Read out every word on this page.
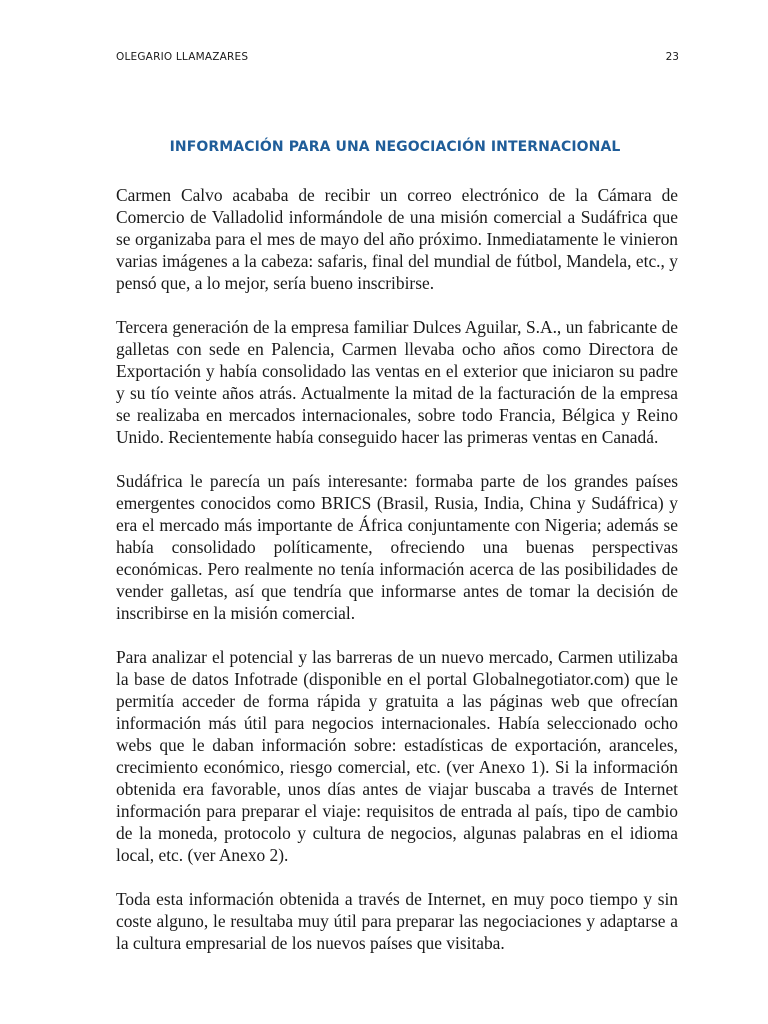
OLEGARIO LLAMAZARES	23
INFORMACIÓN PARA UNA NEGOCIACIÓN INTERNACIONAL

Carmen Calvo acababa de recibir un correo electrónico de la Cámara de Comercio de Valladolid informándole de una misión comercial a Sudáfrica que se organizaba para el mes de mayo del año próximo. Inmediatamente le vinieron varias imágenes a la cabeza: safaris, final del mundial de fútbol, Mandela, etc., y pensó que, a lo mejor, sería bueno inscribirse.

Tercera generación de la empresa familiar Dulces Aguilar, S.A., un fabricante de galletas con sede en Palencia, Carmen llevaba ocho años como Directora de Exportación y había consolidado las ventas en el exterior que iniciaron su padre y su tío veinte años atrás. Actualmente la mitad de la facturación de la empresa se realizaba en mercados internacionales, sobre todo Francia, Bélgica y Reino Unido. Recientemente había conseguido hacer las primeras ventas en Canadá.

Sudáfrica le parecía un país interesante: formaba parte de los grandes países emergentes conocidos como BRICS (Brasil, Rusia, India, China y Sudáfrica) y era el mercado más importante de África conjuntamente con Nigeria; además se había consolidado políticamente, ofreciendo una buenas perspectivas económicas. Pero realmente no tenía información acerca de las posibilidades de vender galletas, así que tendría que informarse antes de tomar la decisión de inscribirse en la misión comercial.

Para analizar el potencial y las barreras de un nuevo mercado, Carmen utilizaba la base de datos Infotrade (disponible en el portal Globalnegotiator.com) que le permitía acceder de forma rápida y gratuita a las páginas web que ofrecían información más útil para negocios internacionales. Había seleccionado ocho webs que le daban información sobre: estadísticas de exportación, aranceles, crecimiento económico, riesgo comercial, etc. (ver Anexo 1). Si la información obtenida era favorable, unos días antes de viajar buscaba a través de Internet información para preparar el viaje: requisitos de entrada al país, tipo de cambio de la moneda, protocolo y cultura de negocios, algunas palabras en el idioma local, etc. (ver Anexo 2).

Toda esta información obtenida a través de Internet, en muy poco tiempo y sin coste alguno, le resultaba muy útil para preparar las negociaciones y adaptarse a la cultura empresarial de los nuevos países que visitaba.
